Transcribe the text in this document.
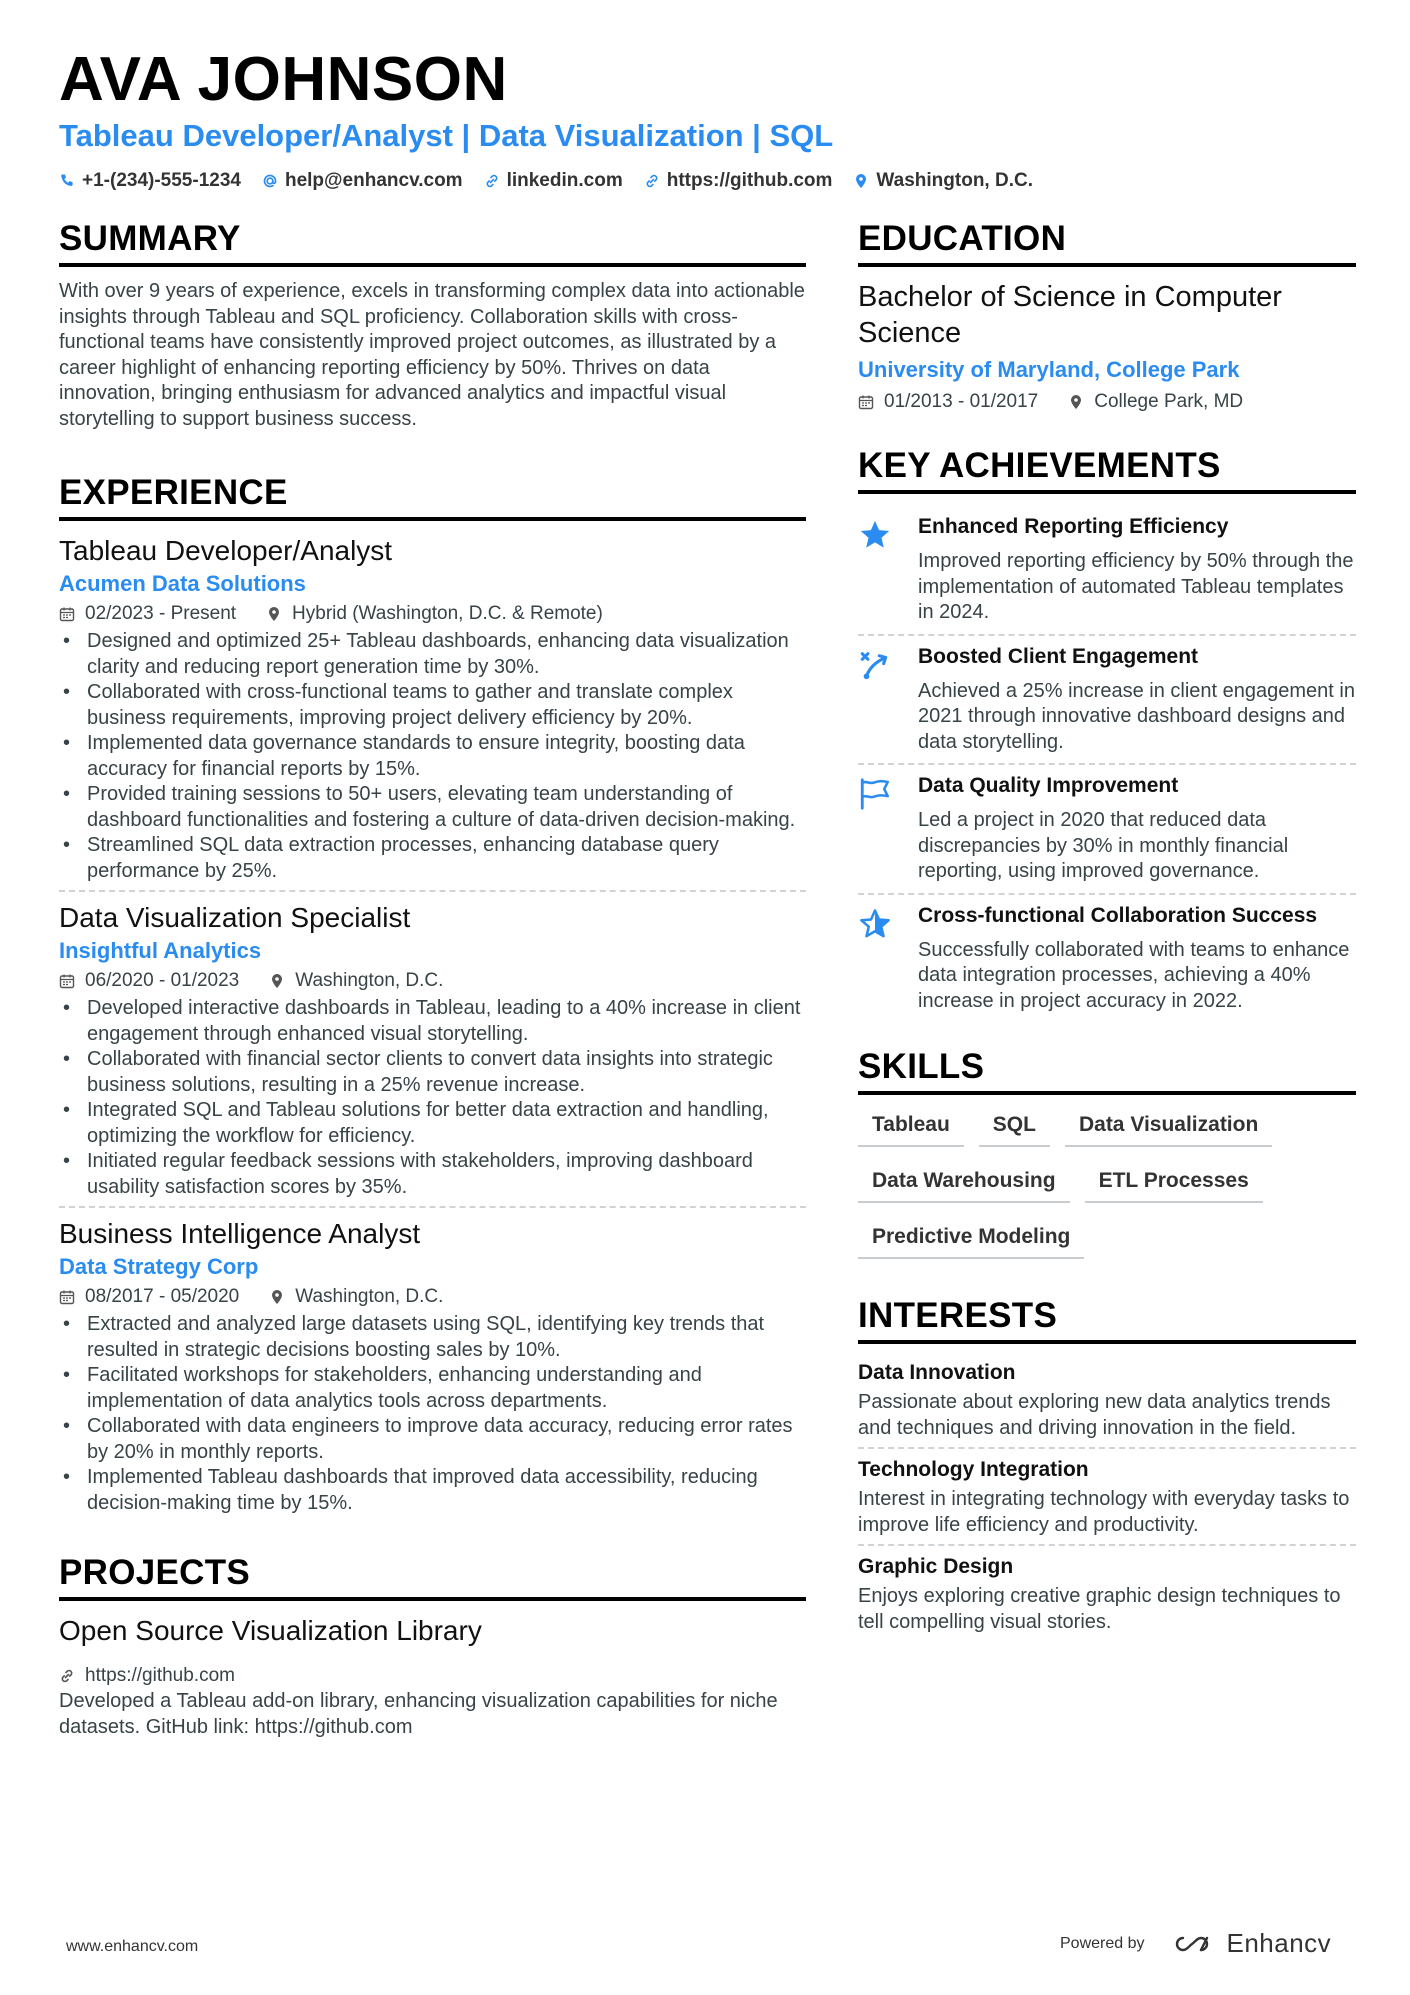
AVA JOHNSON
Tableau Developer/Analyst | Data Visualization | SQL
+1-(234)-555-1234 help@enhancv.com linkedin.com https://github.com Washington, D.C.
SUMMARY
With over 9 years of experience, excels in transforming complex data into actionable insights through Tableau and SQL proficiency. Collaboration skills with cross-functional teams have consistently improved project outcomes, as illustrated by a career highlight of enhancing reporting efficiency by 50%. Thrives on data innovation, bringing enthusiasm for advanced analytics and impactful visual storytelling to support business success.
EXPERIENCE
Tableau Developer/Analyst
Acumen Data Solutions
02/2023 - Present	Hybrid (Washington, D.C. & Remote)
• Designed and optimized 25+ Tableau dashboards, enhancing data visualization clarity and reducing report generation time by 30%.
• Collaborated with cross-functional teams to gather and translate complex business requirements, improving project delivery efficiency by 20%.
• Implemented data governance standards to ensure integrity, boosting data accuracy for financial reports by 15%.
• Provided training sessions to 50+ users, elevating team understanding of dashboard functionalities and fostering a culture of data-driven decision-making.
• Streamlined SQL data extraction processes, enhancing database query performance by 25%.
Data Visualization Specialist
Insightful Analytics
06/2020 - 01/2023	Washington, D.C.
• Developed interactive dashboards in Tableau, leading to a 40% increase in client engagement through enhanced visual storytelling.
• Collaborated with financial sector clients to convert data insights into strategic business solutions, resulting in a 25% revenue increase.
• Integrated SQL and Tableau solutions for better data extraction and handling, optimizing the workflow for efficiency.
• Initiated regular feedback sessions with stakeholders, improving dashboard usability satisfaction scores by 35%.
Business Intelligence Analyst
Data Strategy Corp
08/2017 - 05/2020	Washington, D.C.
• Extracted and analyzed large datasets using SQL, identifying key trends that resulted in strategic decisions boosting sales by 10%.
• Facilitated workshops for stakeholders, enhancing understanding and implementation of data analytics tools across departments.
• Collaborated with data engineers to improve data accuracy, reducing error rates by 20% in monthly reports.
• Implemented Tableau dashboards that improved data accessibility, reducing decision-making time by 15%.
PROJECTS
Open Source Visualization Library
https://github.com
Developed a Tableau add-on library, enhancing visualization capabilities for niche datasets. GitHub link: https://github.com
EDUCATION
Bachelor of Science in Computer Science
University of Maryland, College Park
01/2013 - 01/2017	College Park, MD
KEY ACHIEVEMENTS
Enhanced Reporting Efficiency
Improved reporting efficiency by 50% through the implementation of automated Tableau templates in 2024.
Boosted Client Engagement
Achieved a 25% increase in client engagement in 2021 through innovative dashboard designs and data storytelling.
Data Quality Improvement
Led a project in 2020 that reduced data discrepancies by 30% in monthly financial reporting, using improved governance.
Cross-functional Collaboration Success
Successfully collaborated with teams to enhance data integration processes, achieving a 40% increase in project accuracy in 2022.
SKILLS
Tableau	SQL	Data Visualization
Data Warehousing	ETL Processes
Predictive Modeling
INTERESTS
Data Innovation
Passionate about exploring new data analytics trends and techniques and driving innovation in the field.
Technology Integration
Interest in integrating technology with everyday tasks to improve life efficiency and productivity.
Graphic Design
Enjoys exploring creative graphic design techniques to tell compelling visual stories.
www.enhancv.com	Powered by	Enhancv
